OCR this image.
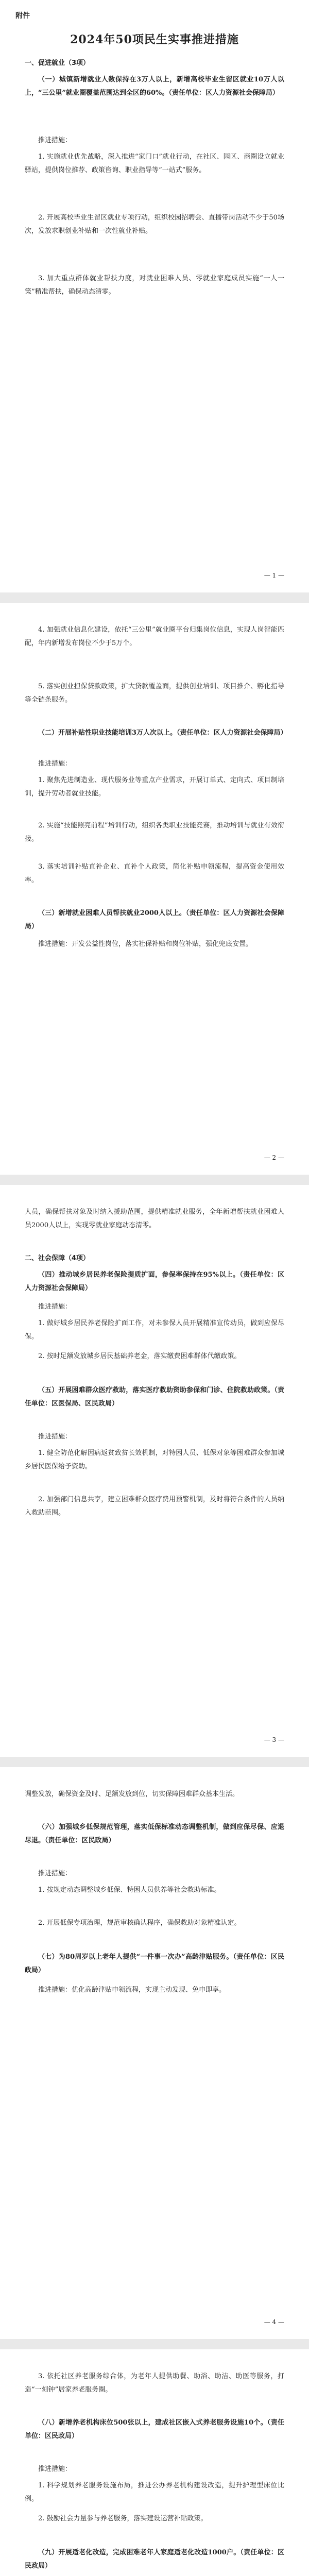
附件
2024年50项民生实事推进措施

一、促进就业（3项）

（一）城镇新增就业人数保持在3万人以上，新增高校毕业生留区就业10万人以上，“三公里”就业圈覆盖范围达到全区的60%。（责任单位：区人力资源社会保障局）

推进措施：

1. 实施就业优先战略，深入推进“家门口”就业行动，在社区、园区、商圈设立就业驿站，提供岗位推荐、政策咨询、职业指导等“一站式”服务。

2. 开展高校毕业生留区就业专项行动，组织校园招聘会、直播带岗活动不少于50场次，发放求职创业补贴和一次性就业补贴。

3. 加大重点群体就业帮扶力度，对就业困难人员、零就业家庭成员实施“一人一策”精准帮扶，确保动态清零。

— 1 —

4. 加强就业信息化建设，依托“三公里”就业圈平台归集岗位信息，实现人岗智能匹配，年内新增发布岗位不少于5万个。

5. 落实创业担保贷款政策，扩大贷款覆盖面，提供创业培训、项目推介、孵化指导等全链条服务。

（二）开展补贴性职业技能培训3万人次以上。（责任单位：区人力资源社会保障局）

推进措施：

1. 聚焦先进制造业、现代服务业等重点产业需求，开展订单式、定向式、项目制培训，提升劳动者就业技能。

2. 实施“技能照亮前程”培训行动，组织各类职业技能竞赛，推动培训与就业有效衔接。

3. 落实培训补贴直补企业、直补个人政策，简化补贴申领流程，提高资金使用效率。

（三）新增就业困难人员帮扶就业2000人以上。（责任单位：区人力资源社会保障局）

推进措施：开发公益性岗位，落实社保补贴和岗位补贴，强化兜底安置。

— 2 —

人员，确保帮扶对象及时纳入援助范围，提供精准就业服务，全年新增帮扶就业困难人员2000人以上，实现零就业家庭动态清零。

二、社会保障（4项）

（四）推动城乡居民养老保险提质扩面，参保率保持在95%以上。（责任单位：区人力资源社会保障局）

推进措施：

1. 做好城乡居民养老保险扩面工作，对未参保人员开展精准宣传动员，做到应保尽保。

2. 按时足额发放城乡居民基础养老金，落实缴费困难群体代缴政策。

（五）开展困难群众医疗救助，落实医疗救助资助参保和门诊、住院救助政策。（责任单位：区医保局、区民政局）

推进措施：

1. 健全防范化解因病返贫致贫长效机制，对特困人员、低保对象等困难群众参加城乡居民医保给予资助。

2. 加强部门信息共享，建立困难群众医疗费用预警机制，及时将符合条件的人员纳入救助范围。

— 3 —

调整发放，确保资金及时、足额发放到位，切实保障困难群众基本生活。

（六）加强城乡低保规范管理，落实低保标准动态调整机制，做到应保尽保、应退尽退。（责任单位：区民政局）

推进措施：

1. 按规定动态调整城乡低保、特困人员供养等社会救助标准。

2. 开展低保专项治理，规范审核确认程序，确保救助对象精准认定。

（七）为80周岁以上老年人提供“一件事一次办”高龄津贴服务。（责任单位：区民政局）

推进措施：优化高龄津贴申领流程，实现主动发现、免申即享。

— 4 —

3. 依托社区养老服务综合体，为老年人提供助餐、助浴、助洁、助医等服务，打造“一刻钟”居家养老服务圈。

（八）新增养老机构床位500张以上，建成社区嵌入式养老服务设施10个。（责任单位：区民政局）

推进措施：

1. 科学规划养老服务设施布局，推进公办养老机构建设改造，提升护理型床位比例。

2. 鼓励社会力量参与养老服务，落实建设运营补贴政策。

（九）开展适老化改造，完成困难老年人家庭适老化改造1000户。（责任单位：区民政局）
